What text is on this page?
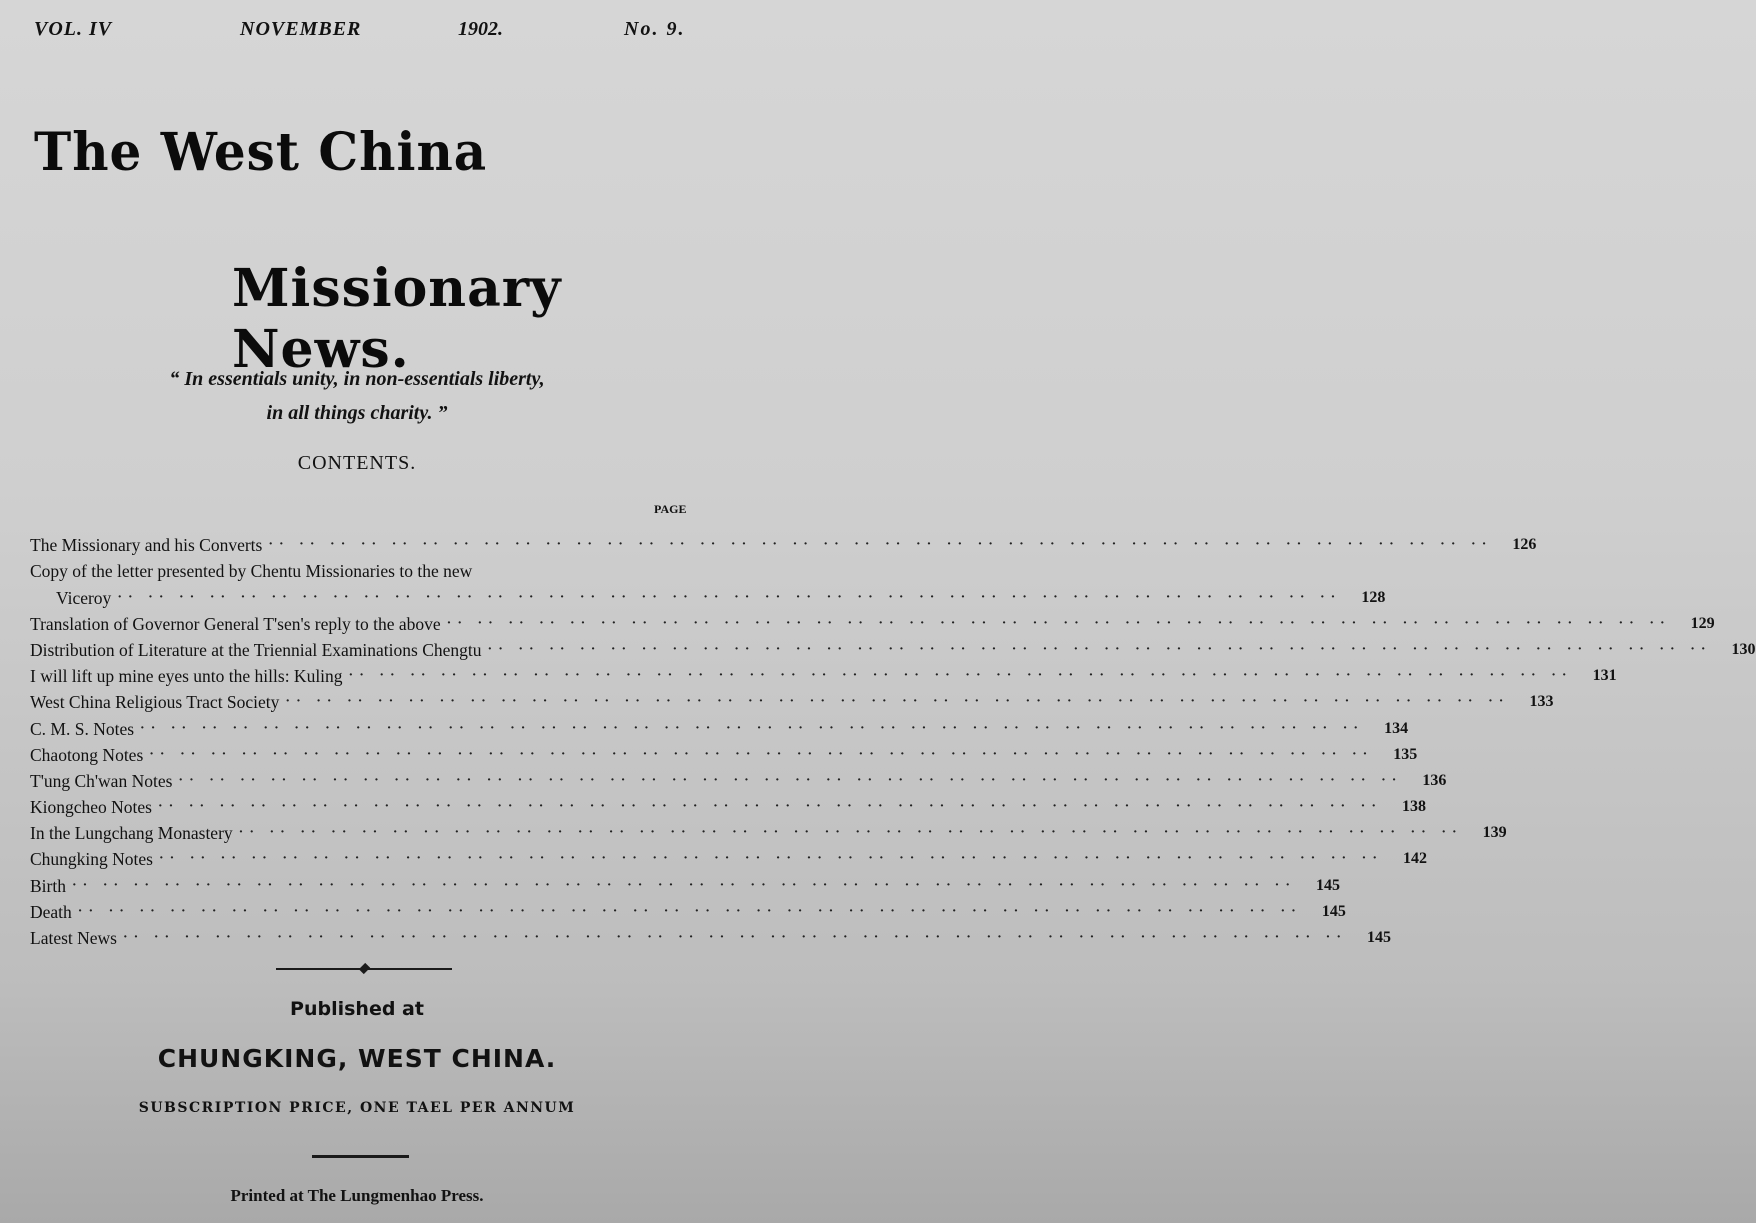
VOL. IV	NOVEMBER	1902.	No. 9.
The West China
Missionary News.
“ In essentials unity, in non-essentials liberty,
in all things charity. ”
CONTENTS.
PAGE
The Missionary and his Converts ·· ·· ·· ·· ·· ·· ·· ·· ·· ·· ·· ·· ·· ·· ·· ·· ·· ·· ·· ·· ·· ·· ·· ·· ·· ·· ·· ·· ·· ·· ·· ·· ·· ·· ·· ·· ·· ·· ·· ··	126
Copy of the letter presented by Chentu Missionaries to the new
Viceroy ·· ·· ·· ·· ·· ·· ·· ·· ·· ·· ·· ·· ·· ·· ·· ·· ·· ·· ·· ·· ·· ·· ·· ·· ·· ·· ·· ·· ·· ·· ·· ·· ·· ·· ·· ·· ·· ·· ·· ··	128
Translation of Governor General T'sen's reply to the above ·· ·· ·· ·· ·· ·· ·· ·· ·· ·· ·· ·· ·· ·· ·· ·· ·· ·· ·· ·· ·· ·· ·· ·· ·· ·· ·· ·· ·· ·· ·· ·· ·· ·· ·· ·· ·· ·· ·· ··	129
Distribution of Literature at the Triennial Examinations Chengtu ·· ·· ·· ·· ·· ·· ·· ·· ·· ·· ·· ·· ·· ·· ·· ·· ·· ·· ·· ·· ·· ·· ·· ·· ·· ·· ·· ·· ·· ·· ·· ·· ·· ·· ·· ·· ·· ·· ·· ··	130
I will lift up mine eyes unto the hills: Kuling ·· ·· ·· ·· ·· ·· ·· ·· ·· ·· ·· ·· ·· ·· ·· ·· ·· ·· ·· ·· ·· ·· ·· ·· ·· ·· ·· ·· ·· ·· ·· ·· ·· ·· ·· ·· ·· ·· ·· ··	131
West China Religious Tract Society ·· ·· ·· ·· ·· ·· ·· ·· ·· ·· ·· ·· ·· ·· ·· ·· ·· ·· ·· ·· ·· ·· ·· ·· ·· ·· ·· ·· ·· ·· ·· ·· ·· ·· ·· ·· ·· ·· ·· ··	133
C. M. S. Notes ·· ·· ·· ·· ·· ·· ·· ·· ·· ·· ·· ·· ·· ·· ·· ·· ·· ·· ·· ·· ·· ·· ·· ·· ·· ·· ·· ·· ·· ·· ·· ·· ·· ·· ·· ·· ·· ·· ·· ··	134
Chaotong Notes ·· ·· ·· ·· ·· ·· ·· ·· ·· ·· ·· ·· ·· ·· ·· ·· ·· ·· ·· ·· ·· ·· ·· ·· ·· ·· ·· ·· ·· ·· ·· ·· ·· ·· ·· ·· ·· ·· ·· ··	135
T'ung Ch'wan Notes ·· ·· ·· ·· ·· ·· ·· ·· ·· ·· ·· ·· ·· ·· ·· ·· ·· ·· ·· ·· ·· ·· ·· ·· ·· ·· ·· ·· ·· ·· ·· ·· ·· ·· ·· ·· ·· ·· ·· ··	136
Kiongcheo Notes ·· ·· ·· ·· ·· ·· ·· ·· ·· ·· ·· ·· ·· ·· ·· ·· ·· ·· ·· ·· ·· ·· ·· ·· ·· ·· ·· ·· ·· ·· ·· ·· ·· ·· ·· ·· ·· ·· ·· ··	138
In the Lungchang Monastery ·· ·· ·· ·· ·· ·· ·· ·· ·· ·· ·· ·· ·· ·· ·· ·· ·· ·· ·· ·· ·· ·· ·· ·· ·· ·· ·· ·· ·· ·· ·· ·· ·· ·· ·· ·· ·· ·· ·· ··	139
Chungking Notes ·· ·· ·· ·· ·· ·· ·· ·· ·· ·· ·· ·· ·· ·· ·· ·· ·· ·· ·· ·· ·· ·· ·· ·· ·· ·· ·· ·· ·· ·· ·· ·· ·· ·· ·· ·· ·· ·· ·· ··	142
Birth ·· ·· ·· ·· ·· ·· ·· ·· ·· ·· ·· ·· ·· ·· ·· ·· ·· ·· ·· ·· ·· ·· ·· ·· ·· ·· ·· ·· ·· ·· ·· ·· ·· ·· ·· ·· ·· ·· ·· ··	145
Death ·· ·· ·· ·· ·· ·· ·· ·· ·· ·· ·· ·· ·· ·· ·· ·· ·· ·· ·· ·· ·· ·· ·· ·· ·· ·· ·· ·· ·· ·· ·· ·· ·· ·· ·· ·· ·· ·· ·· ··	145
Latest News ·· ·· ·· ·· ·· ·· ·· ·· ·· ·· ·· ·· ·· ·· ·· ·· ·· ·· ·· ·· ·· ·· ·· ·· ·· ·· ·· ·· ·· ·· ·· ·· ·· ·· ·· ·· ·· ·· ·· ··	145
Published at
CHUNGKING, WEST CHINA.
SUBSCRIPTION PRICE, ONE TAEL PER ANNUM
Printed at The Lungmenhao Press.
